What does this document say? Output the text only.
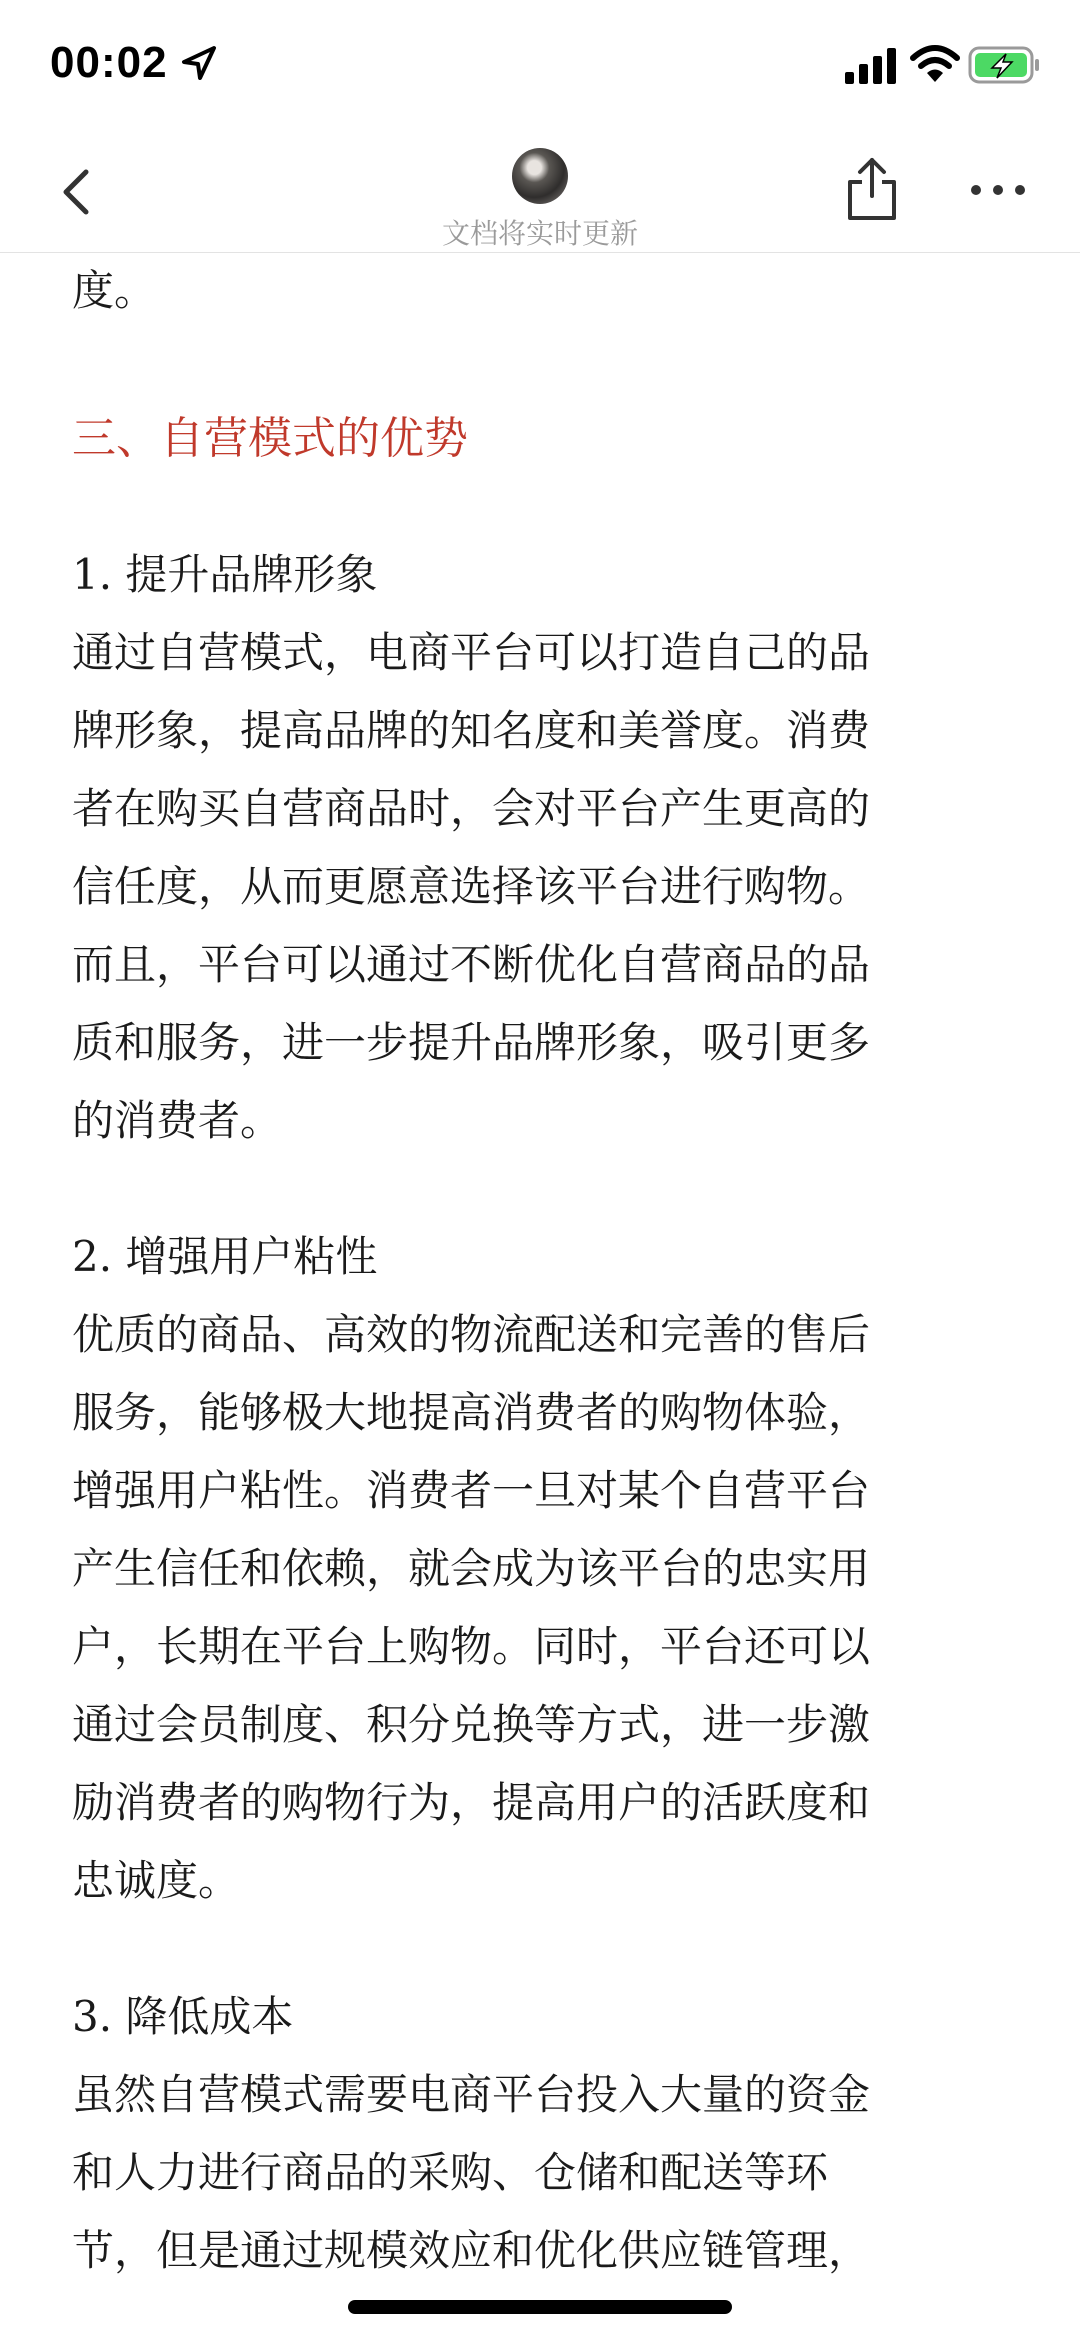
00:02
文档将实时更新
度。
三、自营模式的优势
1. 提升品牌形象
通过自营模式，电商平台可以打造自己的品
牌形象，提高品牌的知名度和美誉度。消费
者在购买自营商品时，会对平台产生更高的
信任度，从而更愿意选择该平台进行购物。
而且，平台可以通过不断优化自营商品的品
质和服务，进一步提升品牌形象，吸引更多
的消费者。
2. 增强用户粘性
优质的商品、高效的物流配送和完善的售后
服务，能够极大地提高消费者的购物体验，
增强用户粘性。消费者一旦对某个自营平台
产生信任和依赖，就会成为该平台的忠实用
户，长期在平台上购物。同时，平台还可以
通过会员制度、积分兑换等方式，进一步激
励消费者的购物行为，提高用户的活跃度和
忠诚度。
3. 降低成本
虽然自营模式需要电商平台投入大量的资金
和人力进行商品的采购、仓储和配送等环
节，但是通过规模效应和优化供应链管理，
